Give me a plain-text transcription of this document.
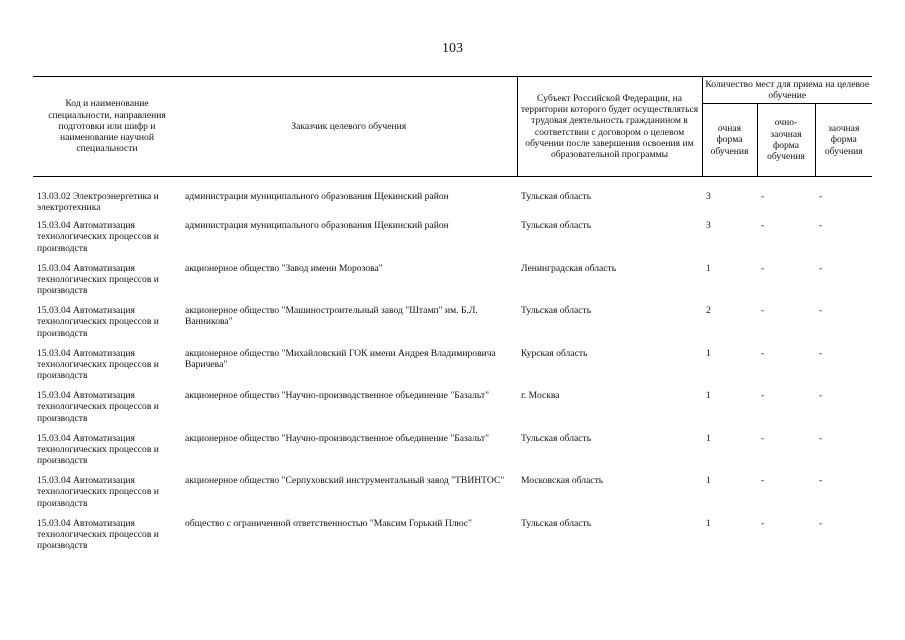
103
Код и наименование специальности, направления подготовки или шифр и наименование научной специальности	Заказчик целевого обучения	Субъект Российской Федерации, на территории которого будет осуществляться трудовая деятельность гражданином в соответствии с договором о целевом обучении после завершения освоения им образовательной программы	Количество мест для приема на целевое обучение		
			очная форма обучения	очно-заочная форма обучения	заочная форма обучения

13.03.02 Электроэнергетика и электротехника	администрация муниципального образования Щекинский район	Тульская область	3	-	-
15.03.04 Автоматизация технологических процессов и производств	администрация муниципального образования Щекинский район	Тульская область	3	-	-
15.03.04 Автоматизация технологических процессов и производств	акционерное общество "Завод имени Морозова"	Ленинградская область	1	-	-
15.03.04 Автоматизация технологических процессов и производств	акционерное общество "Машиностроительный завод "Штамп" им. Б.Л. Ванникова"	Тульская область	2	-	-
15.03.04 Автоматизация технологических процессов и производств	акционерное общество "Михайловский ГОК имени Андрея Владимировича Варичева"	Курская область	1	-	-
15.03.04 Автоматизация технологических процессов и производств	акционерное общество "Научно-производственное объединение "Базальт"	г. Москва	1	-	-
15.03.04 Автоматизация технологических процессов и производств	акционерное общество "Научно-производственное объединение "Базальт"	Тульская область	1	-	-
15.03.04 Автоматизация технологических процессов и производств	акционерное общество "Серпуховский инструментальный завод "ТВИНТОС"	Московская область	1	-	-
15.03.04 Автоматизация технологических процессов и производств	общество с ограниченной ответственностью "Максим Горький Плюс"	Тульская область	1	-	-
